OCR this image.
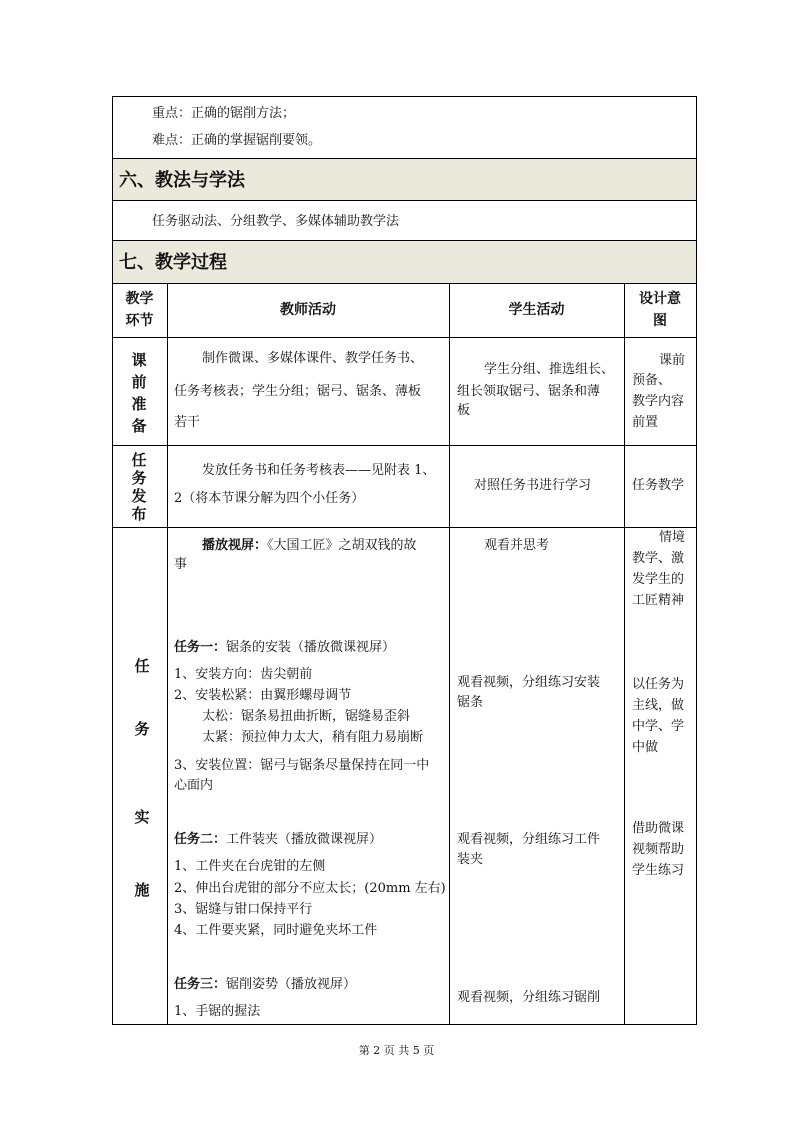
重点：正确的锯削方法；
难点：正确的掌握锯削要领。
六、教法与学法
任务驱动法、分组教学、多媒体辅助教学法
七、教学过程
教学
环节
教师活动	学生活动
设计意
图
课
前
准
备
制作微课、多媒体课件、教学任务书、
任务考核表；学生分组；锯弓、锯条、薄板
若干
学生分组、推选组长、
组长领取锯弓、锯条和薄
板
课前
预备、
教学内容
前置
任
务
发
布
发放任务书和任务考核表——见附表 1、
2（将本节课分解为四个小任务）
对照任务书进行学习	任务教学
任
务
实
施
播放视屏：《大国工匠》之胡双钱的故
事
观看并思考
情境
教学、激
发学生的
工匠精神
任务一：锯条的安装（播放微课视屏）
1、安装方向：齿尖朝前
2、安装松紧：由翼形螺母调节
太松：锯条易扭曲折断，锯缝易歪斜
太紧：预拉伸力太大，稍有阻力易崩断
3、安装位置：锯弓与锯条尽量保持在同一中
心面内
观看视频，分组练习安装
锯条
以任务为
主线，做
中学、学
中做
任务二：工件装夹（播放微课视屏）
1、工件夹在台虎钳的左侧
2、伸出台虎钳的部分不应太长；(20mm 左右)
3、锯缝与钳口保持平行
4、工件要夹紧，同时避免夹坏工件
观看视频，分组练习工件
装夹
借助微课
视频帮助
学生练习
任务三：锯削姿势（播放视屏）
1、手锯的握法
观看视频，分组练习锯削
第 2 页 共 5 页
